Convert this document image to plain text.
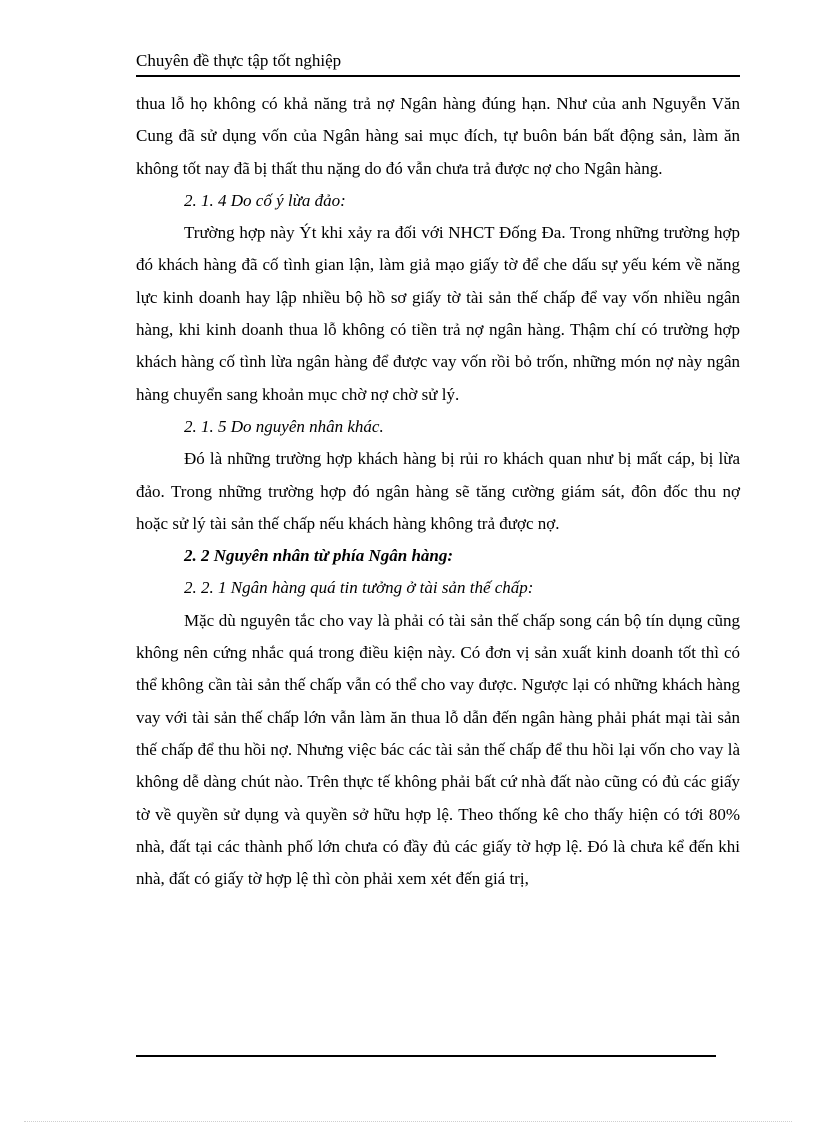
Chuyên đề thực tập tốt nghiệp

thua lỗ họ không có khả năng trả nợ Ngân hàng đúng hạn. Như của anh Nguyễn Văn Cung đã sử dụng vốn của Ngân hàng sai mục đích, tự buôn bán bất động sản, làm ăn không tốt nay đã bị thất thu nặng do đó vẫn chưa trả được nợ cho Ngân hàng.

2. 1. 4 Do cố ý lừa đảo:

Trường hợp này Ýt khi xảy ra đối với NHCT Đống Đa. Trong những trường hợp đó khách hàng đã cố tình gian lận, làm giả mạo giấy tờ để che dấu sự yếu kém về năng lực kinh doanh hay lập nhiều bộ hồ sơ giấy tờ tài sản thế chấp để vay vốn nhiều ngân hàng, khi kinh doanh thua lỗ không có tiền trả nợ ngân hàng. Thậm chí có trường hợp khách hàng cố tình lừa ngân hàng để được vay vốn rồi bỏ trốn, những món nợ này ngân hàng chuyển sang khoản mục chờ nợ chờ sử lý.

2. 1. 5 Do nguyên nhân khác.

Đó là những trường hợp khách hàng bị rủi ro khách quan như bị mất cáp, bị lừa đảo. Trong những trường hợp đó ngân hàng sẽ tăng cường giám sát, đôn đốc thu nợ hoặc sử lý tài sản thế chấp nếu khách hàng không trả được nợ.

2. 2 Nguyên nhân từ phía Ngân hàng:

2. 2. 1 Ngân hàng quá tin tưởng ở tài sản thế chấp:

Mặc dù nguyên tắc cho vay là phải có tài sản thế chấp song cán bộ tín dụng cũng không nên cứng nhắc quá trong điều kiện này. Có đơn vị sản xuất kinh doanh tốt thì có thể không cần tài sản thế chấp vẫn có thể cho vay được. Ngược lại có những khách hàng vay với tài sản thế chấp lớn vẫn làm ăn thua lỗ dẫn đến ngân hàng phải phát mại tài sản thế chấp để thu hồi nợ. Nhưng việc bác các tài sản thế chấp để thu hồi lại vốn cho vay là không dễ dàng chút nào. Trên thực tế không phải bất cứ nhà đất nào cũng có đủ các giấy tờ về quyền sử dụng và quyền sở hữu hợp lệ. Theo thống kê cho thấy hiện có tới 80% nhà, đất tại các thành phố lớn chưa có đầy đủ các giấy tờ hợp lệ. Đó là chưa kể đến khi nhà, đất có giấy tờ hợp lệ thì còn phải xem xét đến giá trị,
